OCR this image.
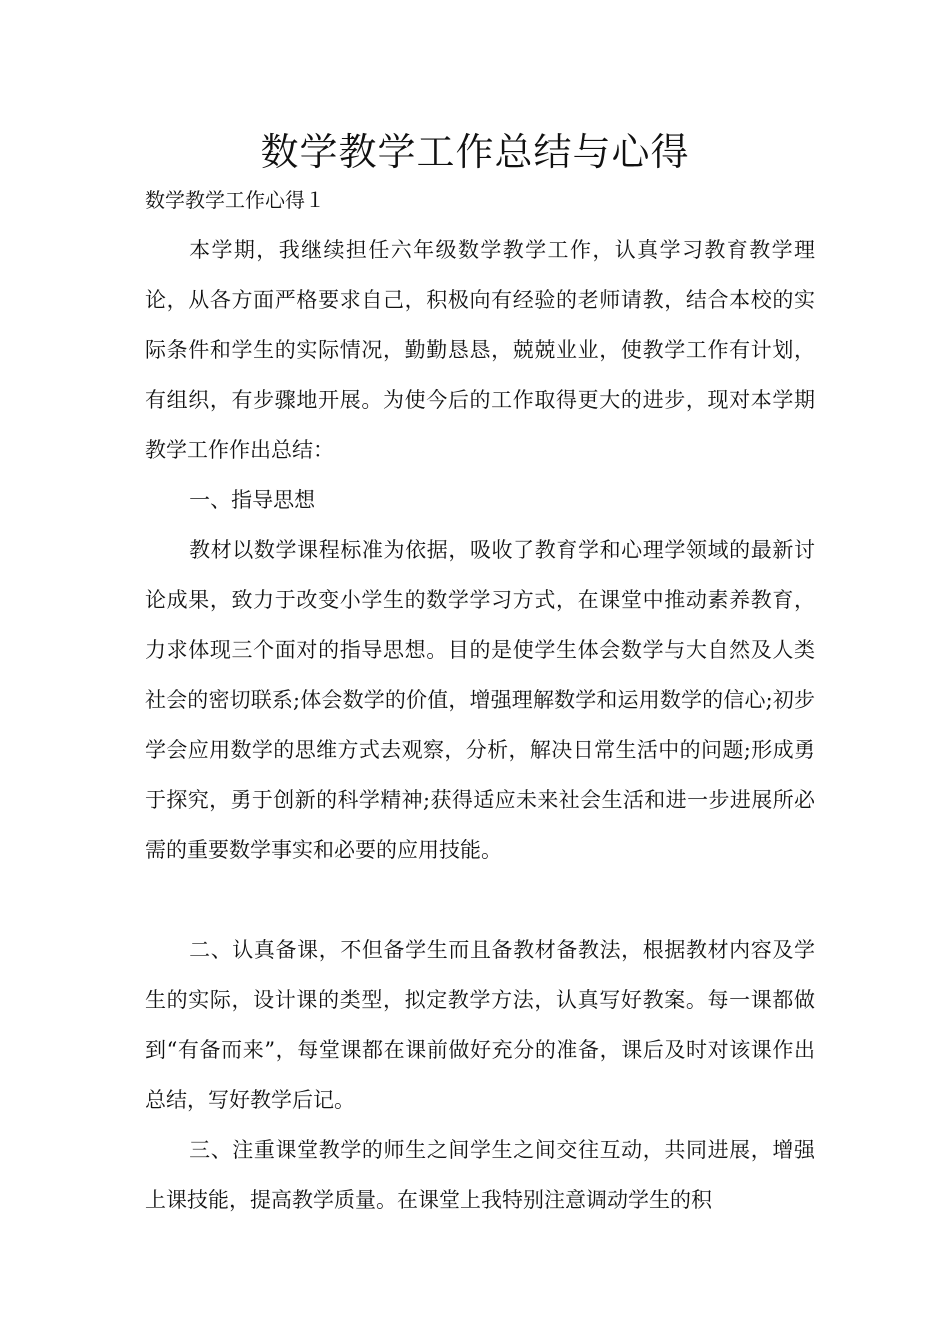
数学教学工作总结与心得

数学教学工作心得１

本学期，我继续担任六年级数学教学工作，认真学习教育教学理论，从各方面严格要求自己，积极向有经验的老师请教，结合本校的实际条件和学生的实际情况，勤勤恳恳，兢兢业业，使教学工作有计划，有组织，有步骤地开展。为使今后的工作取得更大的进步，现对本学期教学工作作出总结：

一、指导思想

教材以数学课程标准为依据，吸收了教育学和心理学领域的最新讨论成果，致力于改变小学生的数学学习方式，在课堂中推动素养教育，力求体现三个面对的指导思想。目的是使学生体会数学与大自然及人类社会的密切联系;体会数学的价值，增强理解数学和运用数学的信心;初步学会应用数学的思维方式去观察，分析，解决日常生活中的问题;形成勇于探究，勇于创新的科学精神;获得适应未来社会生活和进一步进展所必需的重要数学事实和必要的应用技能。

二、认真备课，不但备学生而且备教材备教法，根据教材内容及学生的实际，设计课的类型，拟定教学方法，认真写好教案。每一课都做到“有备而来”，每堂课都在课前做好充分的准备，课后及时对该课作出总结，写好教学后记。

三、注重课堂教学的师生之间学生之间交往互动，共同进展，增强上课技能，提高教学质量。在课堂上我特别注意调动学生的积
